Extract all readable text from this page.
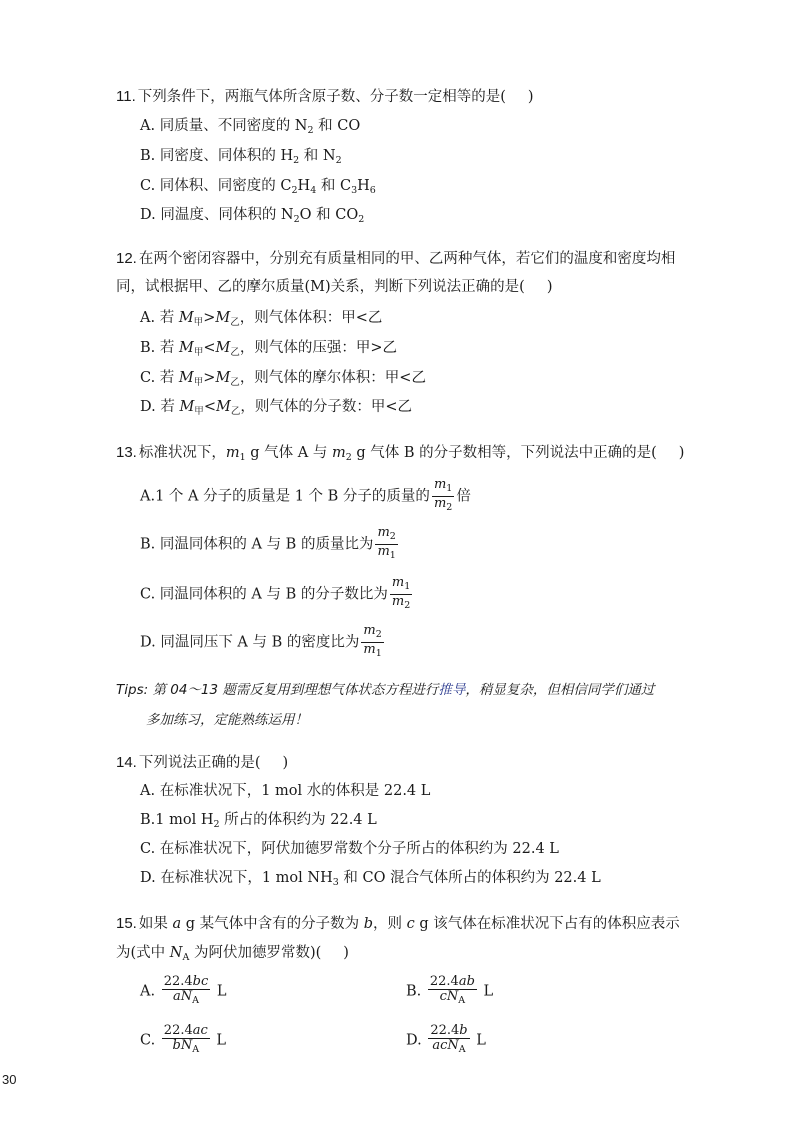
11. 下列条件下，两瓶气体所含原子数、分子数一定相等的是( )
A. 同质量、不同密度的 $N_2$ 和 CO
B. 同密度、同体积的 $H_2$ 和 $N_2$
C. 同体积、同密度的 $C_2H_4$ 和 $C_3H_6$
D. 同温度、同体积的 $N_2O$ 和 $CO_2$
12. 在两个密闭容器中，分别充有质量相同的甲、乙两种气体，若它们的温度和密度均相
同，试根据甲、乙的摩尔质量(M)关系，判断下列说法正确的是( )
A. 若 $M_甲>M_乙$，则气体体积：甲<乙
B. 若 $M_甲<M_乙$，则气体的压强：甲>乙
C. 若 $M_甲>M_乙$，则气体的摩尔体积：甲<乙
D. 若 $M_甲<M_乙$，则气体的分子数：甲<乙
13. 标准状况下，$m_1$ g 气体 A 与 $m_2$ g 气体 B 的分子数相等，下列说法中正确的是( )
A.1 个 A 分子的质量是 1 个 B 分子的质量的 $\frac{m_1}{m_2}$ 倍
B. 同温同体积的 A 与 B 的质量比为 $\frac{m_2}{m_1}$
C. 同温同体积的 A 与 B 的分子数比为 $\frac{m_1}{m_2}$
D. 同温同压下 A 与 B 的密度比为 $\frac{m_2}{m_1}$
Tips: 第 04～13 题需反复用到理想气体状态方程进行推导，稍显复杂，但相信同学们通过
多加练习，定能熟练运用！
14. 下列说法正确的是( )
A. 在标准状况下，1 mol 水的体积是 22.4 L
B.1 mol $H_2$ 所占的体积约为 22.4 L
C. 在标准状况下，阿伏加德罗常数个分子所占的体积约为 22.4 L
D. 在标准状况下，1 mol $NH_3$ 和 CO 混合气体所占的体积约为 22.4 L
15. 如果 a g 某气体中含有的分子数为 b，则 c g 该气体在标准状况下占有的体积应表示
为(式中 $N_A$ 为阿伏加德罗常数)( )
A. $\frac{22.4bc}{aN_A}$ L	B. $\frac{22.4ab}{cN_A}$ L
C. $\frac{22.4ac}{bN_A}$ L	D. $\frac{22.4b}{acN_A}$ L
30
